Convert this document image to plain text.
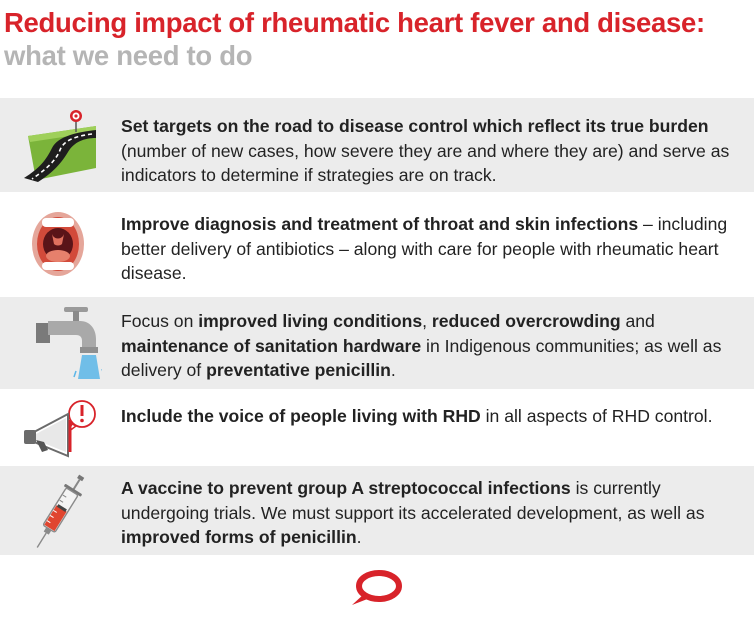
Reducing impact of rheumatic heart fever and disease: what we need to do
Set targets on the road to disease control which reflect its true burden (number of new cases, how severe they are and where they are) and serve as indicators to determine if strategies are on track.
Improve diagnosis and treatment of throat and skin infections – including better delivery of antibiotics – along with care for people with rheumatic heart disease.
Focus on improved living conditions, reduced overcrowding and maintenance of sanitation hardware in Indigenous communities; as well as delivery of preventative penicillin.
Include the voice of people living with RHD in all aspects of RHD control.
A vaccine to prevent group A streptococcal infections is currently undergoing trials. We must support its accelerated development, as well as improved forms of penicillin.
